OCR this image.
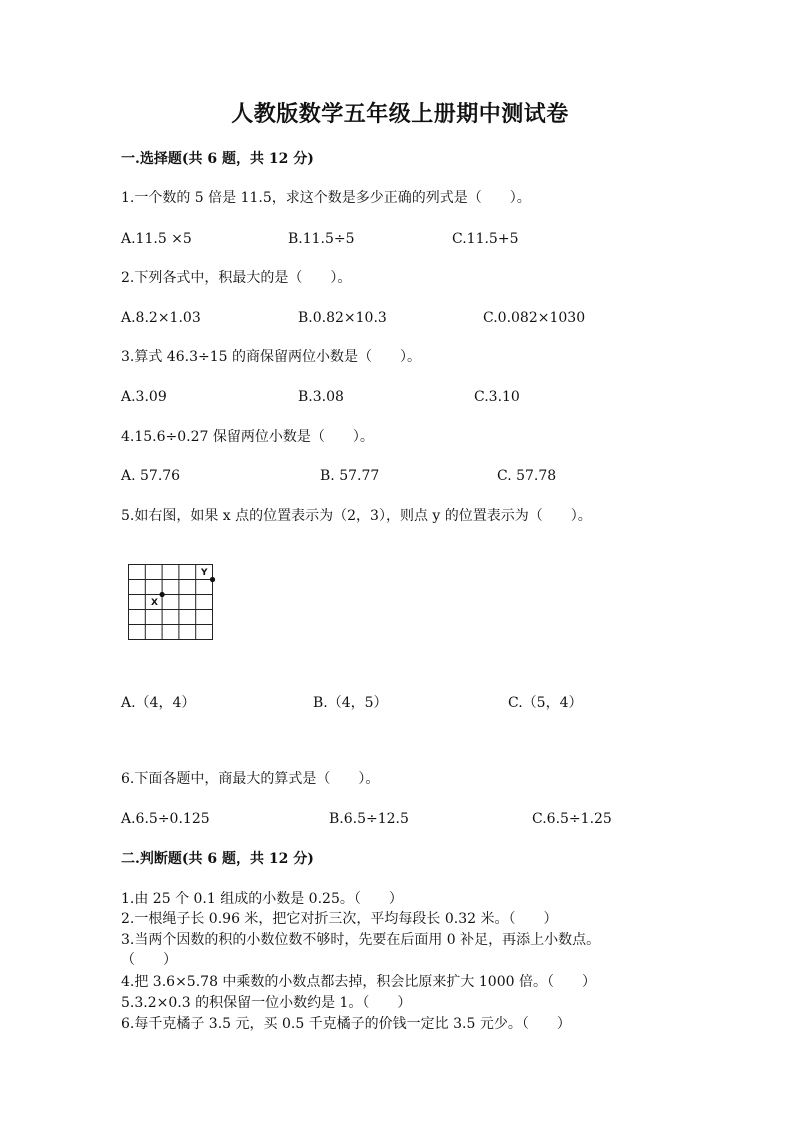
人教版数学五年级上册期中测试卷
一.选择题(共 6 题，共 12 分)
1.一个数的 5 倍是 11.5，求这个数是多少正确的列式是（　　）。
A.11.5 ×5	B.11.5÷5	C.11.5+5
2.下列各式中，积最大的是（　　）。
A.8.2×1.03	B.0.82×10.3	C.0.082×1030
3.算式 46.3÷15 的商保留两位小数是（　　）。
A.3.09	B.3.08	C.3.10
4.15.6÷0.27 保留两位小数是（　　）。
A. 57.76	B. 57.77	C. 57.78
5.如右图，如果 x 点的位置表示为（2，3），则点 y 的位置表示为（　　）。
X
Y
A.（4，4）	B.（4，5）	C.（5，4）
6.下面各题中，商最大的算式是（　　）。
A.6.5÷0.125	B.6.5÷12.5	C.6.5÷1.25
二.判断题(共 6 题，共 12 分)
1.由 25 个 0.1 组成的小数是 0.25。（　　）
2.一根绳子长 0.96 米，把它对折三次，平均每段长 0.32 米。（　　）
3.当两个因数的积的小数位数不够时，先要在后面用 0 补足，再添上小数点。
（　　）
4.把 3.6×5.78 中乘数的小数点都去掉，积会比原来扩大 1000 倍。（　　）
5.3.2×0.3 的积保留一位小数约是 1。（　　）
6.每千克橘子 3.5 元，买 0.5 千克橘子的价钱一定比 3.5 元少。（　　）
